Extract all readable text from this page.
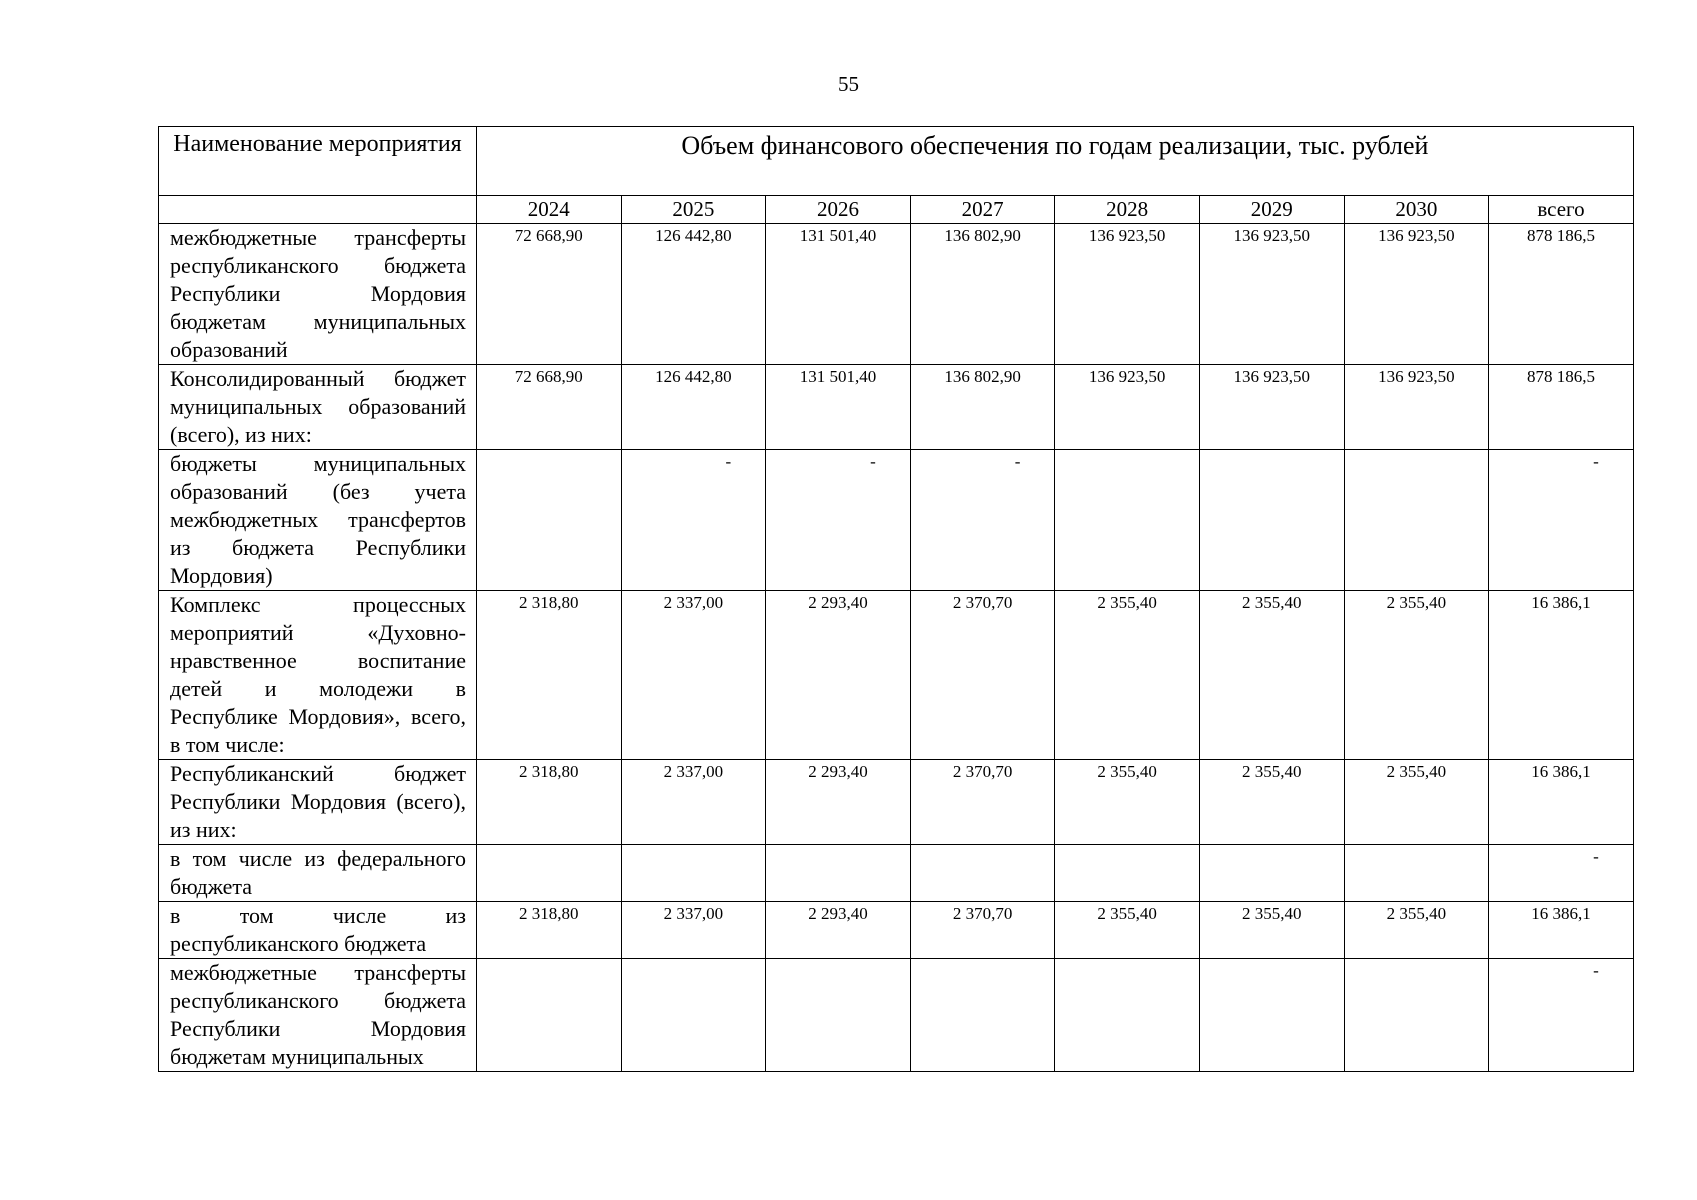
55
Наименование мероприятия	Объем финансового обеспечения по годам реализации, тыс. рублей							
	2024	2025	2026	2027	2028	2029	2030	всего
межбюджетные трансферты республиканского бюджета Республики Мордовия бюджетам муниципальных образований	72 668,90	126 442,80	131 501,40	136 802,90	136 923,50	136 923,50	136 923,50	878 186,5
Консолидированный бюджет муниципальных образований (всего), из них:	72 668,90	126 442,80	131 501,40	136 802,90	136 923,50	136 923,50	136 923,50	878 186,5
бюджеты муниципальных образований (без учета межбюджетных трансфертов из бюджета Республики Мордовия)		-	-	-				-
Комплекс процессных мероприятий «Духовно-нравственное воспитание детей и молодежи в Республике Мордовия», всего, в том числе:	2 318,80	2 337,00	2 293,40	2 370,70	2 355,40	2 355,40	2 355,40	16 386,1
Республиканский бюджет Республики Мордовия (всего), из них:	2 318,80	2 337,00	2 293,40	2 370,70	2 355,40	2 355,40	2 355,40	16 386,1
в том числе из федерального бюджета								-
в том числе из республиканского бюджета	2 318,80	2 337,00	2 293,40	2 370,70	2 355,40	2 355,40	2 355,40	16 386,1
межбюджетные трансферты республиканского бюджета Республики Мордовия бюджетам муниципальных								-
